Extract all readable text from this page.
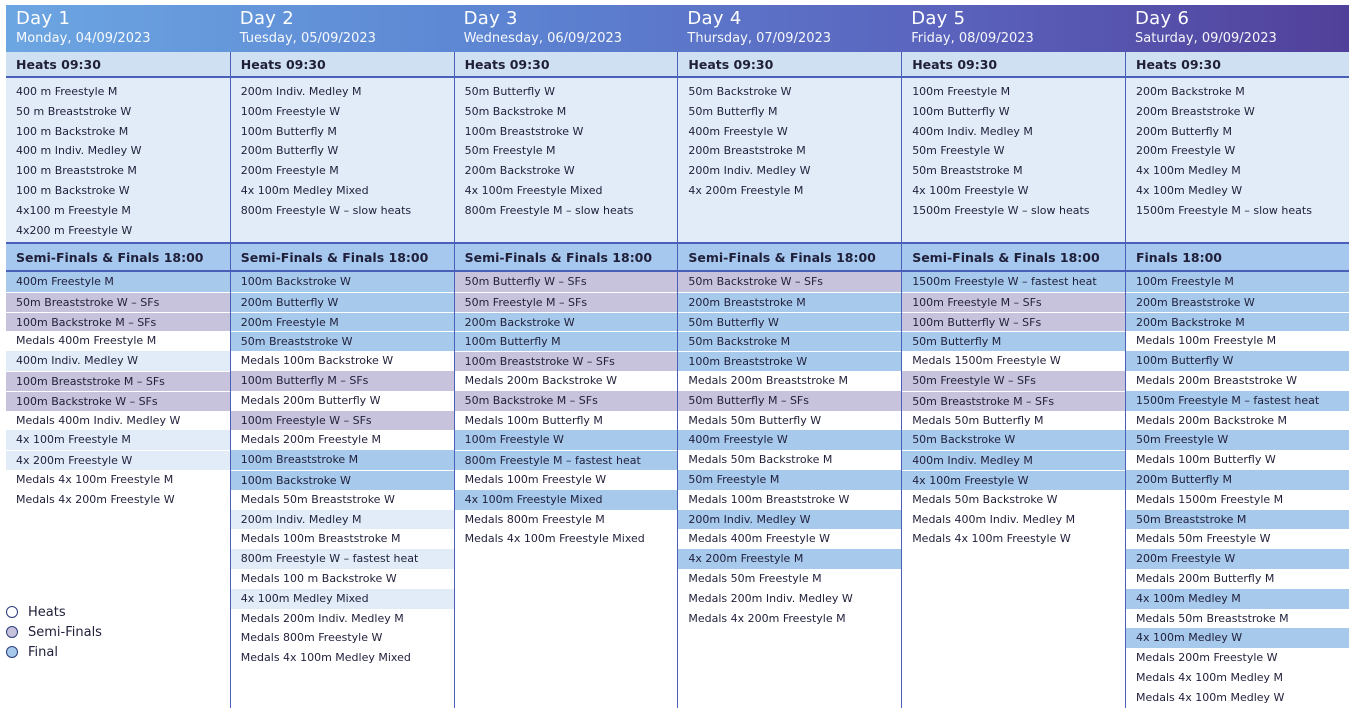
Day 1
Monday, 04/09/2023
Day 2
Tuesday, 05/09/2023
Day 3
Wednesday, 06/09/2023
Day 4
Thursday, 07/09/2023
Day 5
Friday, 08/09/2023
Day 6
Saturday, 09/09/2023
Heats 09:30
400 m Freestyle M
50 m Breaststroke W
100 m Backstroke M
400 m Indiv. Medley W
100 m Breaststroke M
100 m Backstroke W
4x100 m Freestyle M
4x200 m Freestyle W
Semi-Finals & Finals 18:00
400m Freestyle M
50m Breaststroke W – SFs
100m Backstroke M – SFs
Medals 400m Freestyle M
400m Indiv. Medley W
100m Breaststroke M – SFs
100m Backstroke W – SFs
Medals 400m Indiv. Medley W
4x 100m Freestyle M
4x 200m Freestyle W
Medals 4x 100m Freestyle M
Medals 4x 200m Freestyle W
Heats 09:30
200m Indiv. Medley M
100m Freestyle W
100m Butterfly M
200m Butterfly W
200m Freestyle M
4x 100m Medley Mixed
800m Freestyle W – slow heats
Semi-Finals & Finals 18:00
100m Backstroke W
200m Butterfly W
200m Freestyle M
50m Breaststroke W
Medals 100m Backstroke W
100m Butterfly M – SFs
Medals 200m Butterfly W
100m Freestyle W – SFs
Medals 200m Freestyle M
100m Breaststroke M
100m Backstroke W
Medals 50m Breaststroke W
200m Indiv. Medley M
Medals 100m Breaststroke M
800m Freestyle W – fastest heat
Medals 100 m Backstroke W
4x 100m Medley Mixed
Medals 200m Indiv. Medley M
Medals 800m Freestyle W
Medals 4x 100m Medley Mixed
Heats 09:30
50m Butterfly W
50m Backstroke M
100m Breaststroke W
50m Freestyle M
200m Backstroke W
4x 100m Freestyle Mixed
800m Freestyle M – slow heats
Semi-Finals & Finals 18:00
50m Butterfly W – SFs
50m Freestyle M – SFs
200m Backstroke W
100m Butterfly M
100m Breaststroke W – SFs
Medals 200m Backstroke W
50m Backstroke M – SFs
Medals 100m Butterfly M
100m Freestyle W
800m Freestyle M – fastest heat
Medals 100m Freestyle W
4x 100m Freestyle Mixed
Medals 800m Freestyle M
Medals 4x 100m Freestyle Mixed
Heats 09:30
50m Backstroke W
50m Butterfly M
400m Freestyle W
200m Breaststroke M
200m Indiv. Medley W
4x 200m Freestyle M
Semi-Finals & Finals 18:00
50m Backstroke W – SFs
200m Breaststroke M
50m Butterfly W
50m Backstroke M
100m Breaststroke W
Medals 200m Breaststroke M
50m Butterfly M – SFs
Medals 50m Butterfly W
400m Freestyle W
Medals 50m Backstroke M
50m Freestyle M
Medals 100m Breaststroke W
200m Indiv. Medley W
Medals 400m Freestyle W
4x 200m Freestyle M
Medals 50m Freestyle M
Medals 200m Indiv. Medley W
Medals 4x 200m Freestyle M
Heats 09:30
100m Freestyle M
100m Butterfly W
400m Indiv. Medley M
50m Freestyle W
50m Breaststroke M
4x 100m Freestyle W
1500m Freestyle W – slow heats
Semi-Finals & Finals 18:00
1500m Freestyle W – fastest heat
100m Freestyle M – SFs
100m Butterfly W – SFs
50m Butterfly M
Medals 1500m Freestyle W
50m Freestyle W – SFs
50m Breaststroke M – SFs
Medals 50m Butterfly M
50m Backstroke W
400m Indiv. Medley M
4x 100m Freestyle W
Medals 50m Backstroke W
Medals 400m Indiv. Medley M
Medals 4x 100m Freestyle W
Heats 09:30
200m Backstroke M
200m Breaststroke W
200m Butterfly M
200m Freestyle W
4x 100m Medley M
4x 100m Medley W
1500m Freestyle M – slow heats
Finals 18:00
100m Freestyle M
200m Breaststroke W
200m Backstroke M
Medals 100m Freestyle M
100m Butterfly W
Medals 200m Breaststroke W
1500m Freestyle M – fastest heat
Medals 200m Backstroke M
50m Freestyle W
Medals 100m Butterfly W
200m Butterfly M
Medals 1500m Freestyle M
50m Breaststroke M
Medals 50m Freestyle W
200m Freestyle W
Medals 200m Butterfly M
4x 100m Medley M
Medals 50m Breaststroke M
4x 100m Medley W
Medals 200m Freestyle W
Medals 4x 100m Medley M
Medals 4x 100m Medley W
Heats
Semi-Finals
Final
